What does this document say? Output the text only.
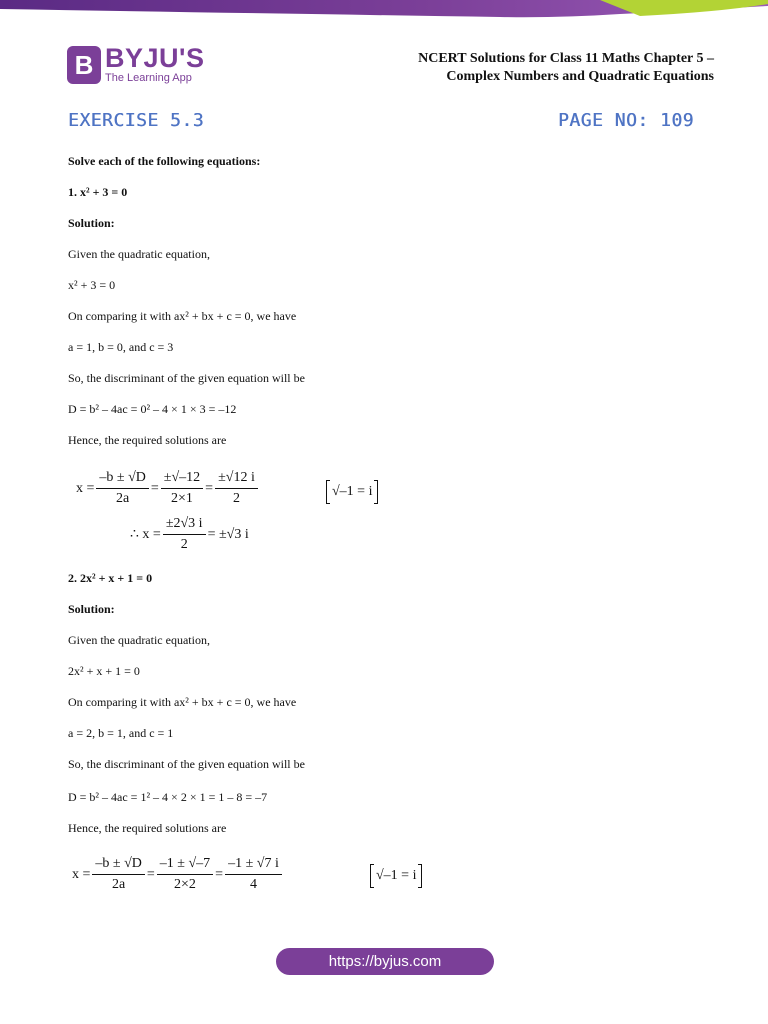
B BYJU'S
The Learning App
NCERT Solutions for Class 11 Maths Chapter 5 –
Complex Numbers and Quadratic Equations
EXERCISE 5.3	PAGE NO: 109
Solve each of the following equations:
1. x² + 3 = 0
Solution:
Given the quadratic equation,
x² + 3 = 0
On comparing it with ax² + bx + c = 0, we have
a = 1, b = 0, and c = 3
So, the discriminant of the given equation will be
D = b² – 4ac = 0² – 4 × 1 × 3 = –12
Hence, the required solutions are
$x = \frac{-b \pm √D}{2a} = \frac{\pm√-12}{2\times 1} = \frac{\pm√12 i}{2}$	√–1 = i
∴ $x = \frac{\pm 2√3 i}{2} = \pm√3$ i
2. 2x² + x + 1 = 0
Solution:
Given the quadratic equation,
2x² + x + 1 = 0
On comparing it with ax² + bx + c = 0, we have
a = 2, b = 1, and c = 1
So, the discriminant of the given equation will be
D = b² – 4ac = 1² – 4 × 2 × 1 = 1 – 8 = –7
Hence, the required solutions are
$x = \frac{-b \pm √D}{2a} = \frac{-1 \pm √-7}{2\times 2} = \frac{-1 \pm √7 i}{4}$	√–1 = i
https://byjus.com
